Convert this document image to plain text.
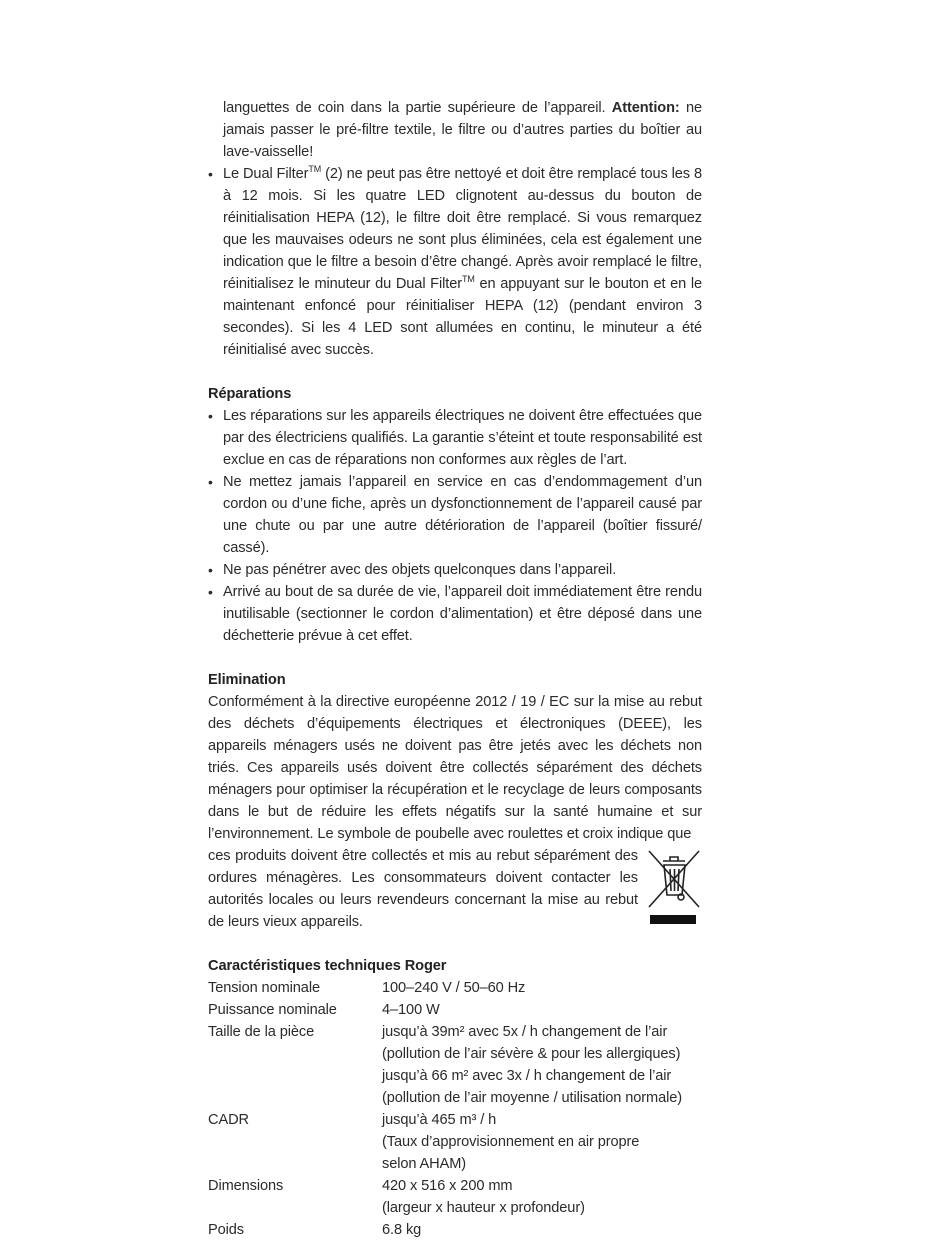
languettes de coin dans la partie supérieure de l’appareil. Attention: ne jamais passer le pré-filtre textile, le filtre ou d’autres parties du boîtier au lave-vaisselle!

• Le Dual Filter™ (2) ne peut pas être nettoyé et doit être remplacé tous les 8 à 12 mois. Si les quatre LED clignotent au-dessus du bouton de réinitialisation HEPA (12), le filtre doit être remplacé. Si vous remarquez que les mauvaises odeurs ne sont plus éliminées, cela est également une indication que le filtre a besoin d’être changé. Après avoir remplacé le filtre, réinitialisez le minuteur du Dual Filter™ en appuyant sur le bouton et en le maintenant enfoncé pour réinitialiser HEPA (12) (pendant environ 3 secondes). Si les 4 LED sont allumées en continu, le minuteur a été réinitialisé avec succès.
Réparations
• Les réparations sur les appareils électriques ne doivent être effectuées que par des électriciens qualifiés. La garantie s’éteint et toute responsabilité est exclue en cas de réparations non conformes aux règles de l’art.
• Ne mettez jamais l’appareil en service en cas d’endommagement d’un cordon ou d’une fiche, après un dysfonctionnement de l’appareil causé par une chute ou par une autre détérioration de l’appareil (boîtier fissuré/ cassé).
• Ne pas pénétrer avec des objets quelconques dans l’appareil.
• Arrivé au bout de sa durée de vie, l’appareil doit immédiatement être rendu inutilisable (sectionner le cordon d’alimentation) et être déposé dans une déchetterie prévue à cet effet.
Elimination

Conformément à la directive européenne 2012 / 19 / EC sur la mise au rebut des déchets d’équipements électriques et électroniques (DEEE), les appareils ménagers usés ne doivent pas être jetés avec les déchets non triés. Ces appareils usés doivent être collectés séparément des déchets ménagers pour optimiser la récupération et le recyclage de leurs composants dans le but de réduire les effets négatifs sur la santé humaine et sur l’environnement. Le symbole de poubelle avec roulettes et croix indique que

ces produits doivent être collectés et mis au rebut séparément des ordures ménagères. Les consommateurs doivent contacter les autorités locales ou leurs revendeurs concernant la mise au rebut de leurs vieux appareils.

Caractéristiques techniques Roger
Tension nominale	100–240 V / 50–60 Hz

Puissance nominale	4–100 W

Taille de la pièce	jusqu’à 39m² avec 5x / h changement de l’air
(pollution de l’air sévère & pour les allergiques)
jusqu’à 66 m² avec 3x / h changement de l’air
(pollution de l’air moyenne / utilisation normale)

CADR	jusqu’à 465 m³ / h
(Taux d’approvisionnement en air propre
selon AHAM)

Dimensions	420 x 516 x 200 mm
(largeur x hauteur x profondeur)

Poids	6.8 kg
